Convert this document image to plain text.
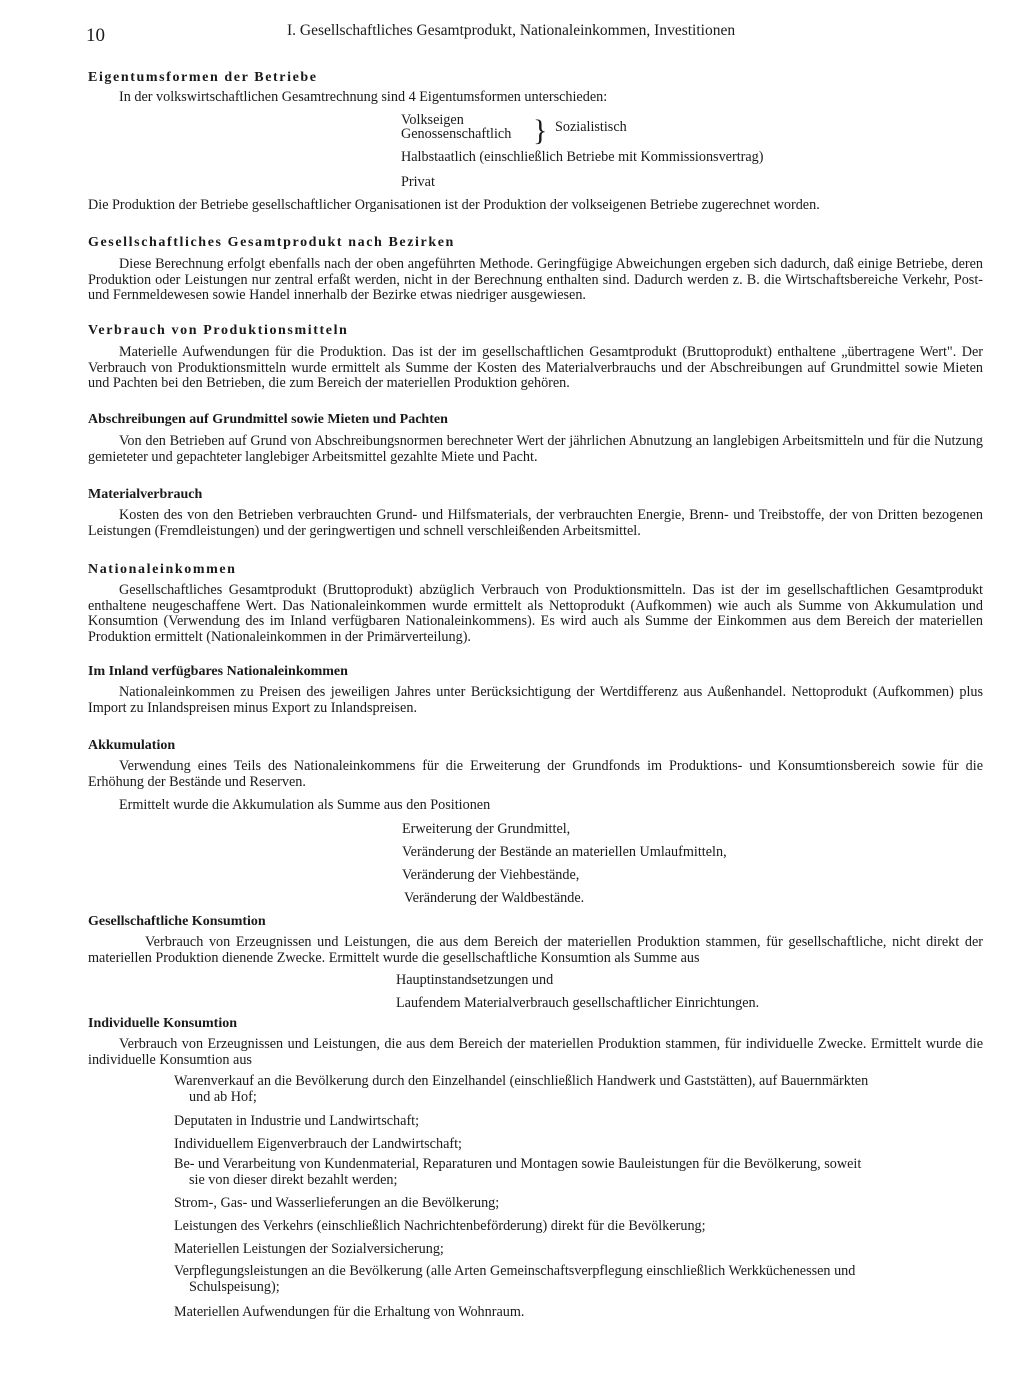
10	I. Gesellschaftliches Gesamtprodukt, Nationaleinkommen, Investitionen
Eigentumsformen der Betriebe
In der volkswirtschaftlichen Gesamtrechnung sind 4 Eigentumsformen unterschieden:
Volkseigen
Genossenschaftlich } Sozialistisch
Halbstaatlich (einschließlich Betriebe mit Kommissionsvertrag)
Privat
Die Produktion der Betriebe gesellschaftlicher Organisationen ist der Produktion der volkseigenen Betriebe zugerechnet worden.
Gesellschaftliches Gesamtprodukt nach Bezirken
Diese Berechnung erfolgt ebenfalls nach der oben angeführten Methode. Geringfügige Abweichungen ergeben sich dadurch, daß einige Betriebe, deren Produktion oder Leistungen nur zentral erfaßt werden, nicht in der Berechnung enthalten sind. Dadurch werden z. B. die Wirtschaftsbereiche Verkehr, Post- und Fernmeldewesen sowie Handel innerhalb der Bezirke etwas niedriger ausgewiesen.
Verbrauch von Produktionsmitteln
Materielle Aufwendungen für die Produktion. Das ist der im gesellschaftlichen Gesamtprodukt (Bruttoprodukt) enthaltene „übertragene Wert". Der Verbrauch von Produktionsmitteln wurde ermittelt als Summe der Kosten des Materialverbrauchs und der Abschreibungen auf Grundmittel sowie Mieten und Pachten bei den Betrieben, die zum Bereich der materiellen Produktion gehören.
Abschreibungen auf Grundmittel sowie Mieten und Pachten
Von den Betrieben auf Grund von Abschreibungsnormen berechneter Wert der jährlichen Abnutzung an langlebigen Arbeitsmitteln und für die Nutzung gemieteter und gepachteter langlebiger Arbeitsmittel gezahlte Miete und Pacht.
Materialverbrauch
Kosten des von den Betrieben verbrauchten Grund- und Hilfsmaterials, der verbrauchten Energie, Brenn- und Treibstoffe, der von Dritten bezogenen Leistungen (Fremdleistungen) und der geringwertigen und schnell verschleißenden Arbeitsmittel.
Nationaleinkommen
Gesellschaftliches Gesamtprodukt (Bruttoprodukt) abzüglich Verbrauch von Produktionsmitteln. Das ist der im gesellschaftlichen Gesamtprodukt enthaltene neugeschaffene Wert. Das Nationaleinkommen wurde ermittelt als Nettoprodukt (Aufkommen) wie auch als Summe von Akkumulation und Konsumtion (Verwendung des im Inland verfügbaren Nationaleinkommens). Es wird auch als Summe der Einkommen aus dem Bereich der materiellen Produktion ermittelt (Nationaleinkommen in der Primärverteilung).
Im Inland verfügbares Nationaleinkommen
Nationaleinkommen zu Preisen des jeweiligen Jahres unter Berücksichtigung der Wertdifferenz aus Außenhandel. Nettoprodukt (Aufkommen) plus Import zu Inlandspreisen minus Export zu Inlandspreisen.
Akkumulation
Verwendung eines Teils des Nationaleinkommens für die Erweiterung der Grundfonds im Produktions- und Konsumtionsbereich sowie für die Erhöhung der Bestände und Reserven.
Ermittelt wurde die Akkumulation als Summe aus den Positionen
Erweiterung der Grundmittel,
Veränderung der Bestände an materiellen Umlaufmitteln,
Veränderung der Viehbestände,
Veränderung der Waldbestände.
Gesellschaftliche Konsumtion
Verbrauch von Erzeugnissen und Leistungen, die aus dem Bereich der materiellen Produktion stammen, für gesellschaftliche, nicht direkt der materiellen Produktion dienende Zwecke. Ermittelt wurde die gesellschaftliche Konsumtion als Summe aus
Hauptinstandsetzungen und
Laufendem Materialverbrauch gesellschaftlicher Einrichtungen.
Individuelle Konsumtion
Verbrauch von Erzeugnissen und Leistungen, die aus dem Bereich der materiellen Produktion stammen, für individuelle Zwecke. Ermittelt wurde die individuelle Konsumtion aus
Warenverkauf an die Bevölkerung durch den Einzelhandel (einschließlich Handwerk und Gaststätten), auf Bauernmärkten
und ab Hof;
Deputaten in Industrie und Landwirtschaft;
Individuellem Eigenverbrauch der Landwirtschaft;
Be- und Verarbeitung von Kundenmaterial, Reparaturen und Montagen sowie Bauleistungen für die Bevölkerung, soweit
sie von dieser direkt bezahlt werden;
Strom-, Gas- und Wasserlieferungen an die Bevölkerung;
Leistungen des Verkehrs (einschließlich Nachrichtenbeförderung) direkt für die Bevölkerung;
Materiellen Leistungen der Sozialversicherung;
Verpflegungsleistungen an die Bevölkerung (alle Arten Gemeinschaftsverpflegung einschließlich Werkküchenessen und
Schulspeisung);
Materiellen Aufwendungen für die Erhaltung von Wohnraum.
